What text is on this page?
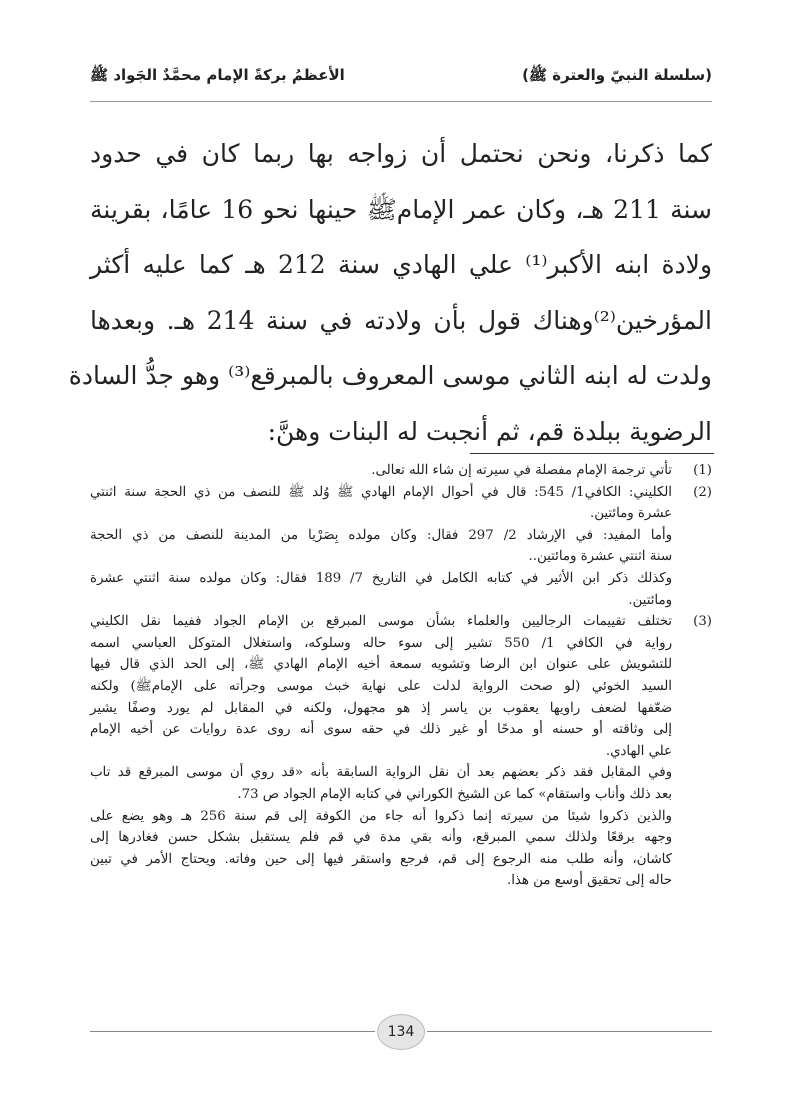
(سلسلة النبيّ والعترة ﷺ)
الأعظمُ بركةً الإمام محمَّدٌ الجَواد ﷺ
كما ذكرنا، ونحن نحتمل أن زواجه بها ربما كان في حدود
سنة 211 هـ، وكان عمر الإمامﷺ حينها نحو 16 عامًا، بقرينة
ولادة ابنه الأكبر⁽¹⁾ علي الهادي سنة 212 هـ كما عليه أكثر
المؤرخين⁽²⁾وهناك قول بأن ولادته في سنة 214 هـ. وبعدها
ولدت له ابنه الثاني موسى المعروف بالمبرقع⁽³⁾ وهو جدُّ السادة
الرضوية ببلدة قم، ثم أنجبت له البنات وهنَّ:
(1)
تأتي ترجمة الإمام مفصلة في سيرته إن شاء الله تعالى.
(2)
الكليني: الكافي1/ 545: قال في أحوال الإمام الهادي ﷺ وُلد ﷺ للنصف من ذي الحجة سنة اثنتي
عشرة ومائتين.
وأما المفيد: في الإرشاد 2/ 297 فقال: وكان مولده بِصَرْيا من المدينة للنصف من ذي الحجة
سنة اثنتي عشرة ومائتين..
وكذلك ذكر ابن الأثير في كتابه الكامل في التاريخ 7/ 189 فقال: وكان مولده سنة اثنتي عشرة
ومائتين.
(3)
تختلف تقييمات الرجاليين والعلماء بشأن موسى المبرقع بن الإمام الجواد ففيما نقل الكليني
رواية في الكافي 1/ 550 تشير إلى سوء حاله وسلوكه، واستغلال المتوكل العباسي اسمه
للتشويش على عنوان ابن الرضا وتشويه سمعة أخيه الإمام الهادي ﷺ، إلى الحد الذي قال فيها
السيد الخوئي (لو صحت الرواية لدلت على نهاية خبث موسى وجرأته على الإمامﷺ) ولكنه
ضعّفها لضعف راويها يعقوب بن ياسر إذ هو مجهول، ولكنه في المقابل لم يورد وصفًا يشير
إلى وثاقته أو حسنه أو مدحًا أو غير ذلك في حقه سوى أنه روى عدة روايات عن أخيه الإمام
علي الهادي.
وفي المقابل فقد ذكر بعضهم بعد أن نقل الرواية السابقة بأنه «قد روي أن موسى المبرقع قد تاب
بعد ذلك وأناب واستقام» كما عن الشيخ الكوراني في كتابه الإمام الجواد ص 73.
والذين ذكروا شيئا من سيرته إنما ذكروا أنه جاء من الكوفة إلى قم سنة 256 هـ وهو يضع على
وجهه برقعًا ولذلك سمي المبرقع، وأنه بقي مدة في قم فلم يستقبل بشكل حسن فغادرها إلى
كاشان، وأنه طلب منه الرجوع إلى قم، فرجع واستقر فيها إلى حين وفاته. ويحتاج الأمر في تبين
حاله إلى تحقيق أوسع من هذا.
134
